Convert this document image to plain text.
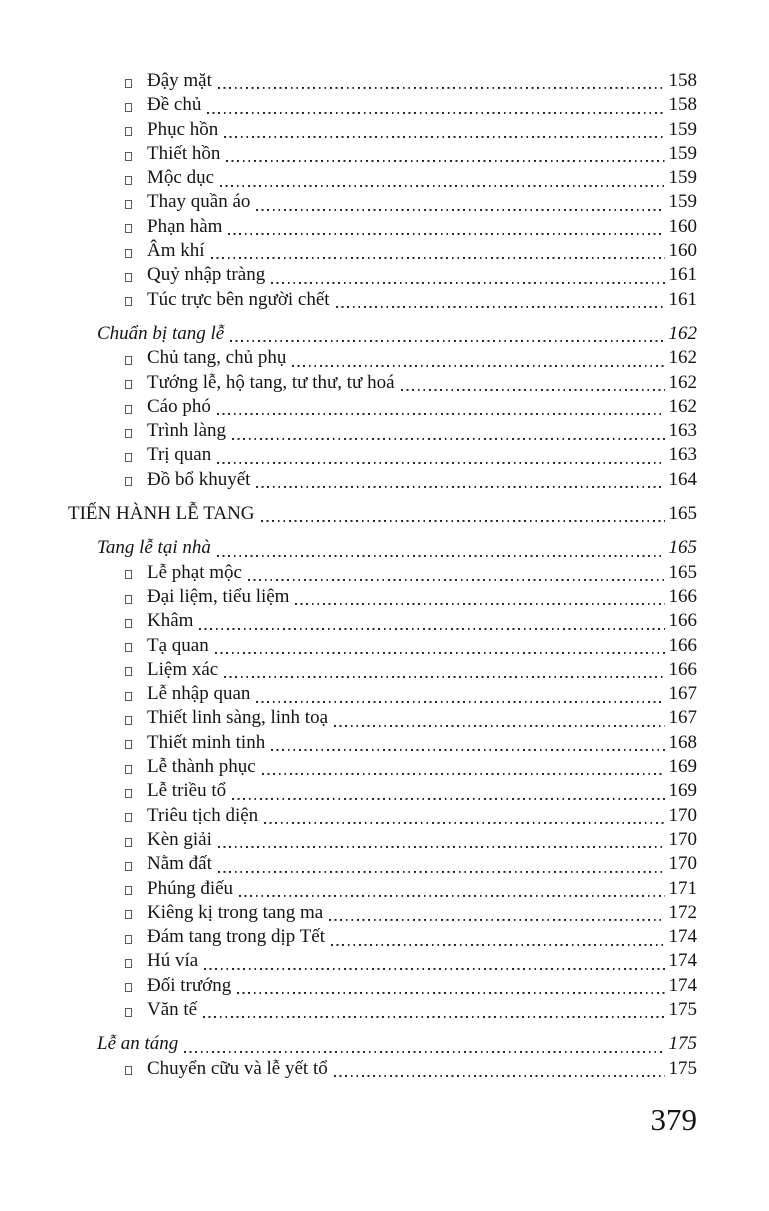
Đậy mặt	158
Đề chủ	158
Phục hồn	159
Thiết hồn	159
Mộc dục	159
Thay quần áo	159
Phạn hàm	160
Âm khí	160
Quỷ nhập tràng	161
Túc trực bên người chết	161
Chuẩn bị tang lễ	162
Chủ tang, chủ phụ	162
Tướng lễ, hộ tang, tư thư, tư hoá	162
Cáo phó	162
Trình làng	163
Trị quan	163
Đồ bổ khuyết	164
TIẾN HÀNH LỄ TANG	165
Tang lễ tại nhà	165
Lễ phạt mộc	165
Đại liệm, tiểu liệm	166
Khâm	166
Tạ quan	166
Liệm xác	166
Lễ nhập quan	167
Thiết linh sàng, linh toạ	167
Thiết minh tinh	168
Lễ thành phục	169
Lễ triều tổ	169
Triêu tịch diện	170
Kèn giải	170
Nằm đất	170
Phúng điếu	171
Kiêng kị trong tang ma	172
Đám tang trong dịp Tết	174
Hú vía	174
Đối trướng	174
Văn tế	175
Lễ an táng	175
Chuyển cữu và lễ yết tổ	175
379
